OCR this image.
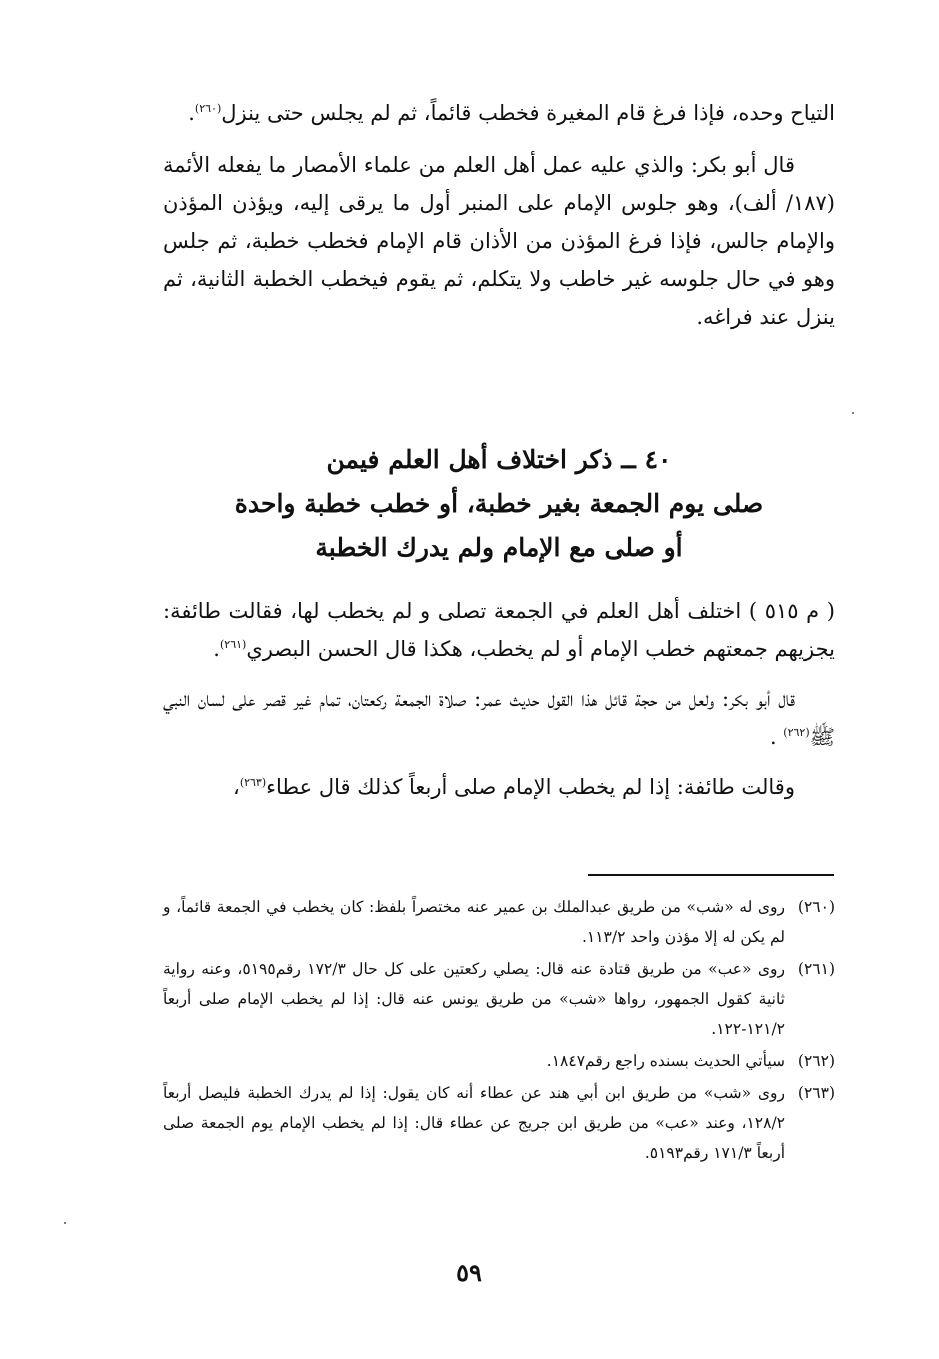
التياح وحده، فإذا فرغ قام المغيرة فخطب قائماً، ثم لم يجلس حتى ينزل$^{(٢٦٠)}$.

قال أبو بكر: والذي عليه عمل أهل العلم من علماء الأمصار ما يفعله الأئمة (١٨٧/ ألف)، وهو جلوس الإمام على المنبر أول ما يرقى إليه، ويؤذن المؤذن والإمام جالس، فإذا فرغ المؤذن من الأذان قام الإمام فخطب خطبة، ثم جلس وهو في حال جلوسه غير خاطب ولا يتكلم، ثم يقوم فيخطب الخطبة الثانية، ثم ينزل عند فراغه.

٤٠ ــ ذكر اختلاف أهل العلم فيمن
صلى يوم الجمعة بغير خطبة، أو خطب خطبة واحدة
أو صلى مع الإمام ولم يدرك الخطبة

( م ٥١٥ ) اختلف أهل العلم في الجمعة تصلى و لم يخطب لها، فقالت طائفة: يجزيهم جمعتهم خطب الإمام أو لم يخطب، هكذا قال الحسن البصري$^{(٢٦١)}$.

قال أبو بكر: ولعل من حجة قائل هذا القول حديث عمر: صلاة الجمعة ركعتان، تمام غير قصر على لسان النبي ﷺ$^{(٢٦٢)}$ .

وقالت طائفة: إذا لم يخطب الإمام صلى أربعاً كذلك قال عطاء$^{(٢٦٣)}$،

(٢٦٠)
روى له «شب» من طريق عبدالملك بن عمير عنه مختصراً بلفظ: كان يخطب في الجمعة قائماً، و لم يكن له إلا مؤذن واحد ١١٣/٢.
(٢٦١)
روى «عب» من طريق قتادة عنه قال: يصلي ركعتين على كل حال ١٧٢/٣ رقم٥١٩٥، وعنه رواية ثانية كقول الجمهور، رواها «شب» من طريق يونس عنه قال: إذا لم يخطب الإمام صلى أربعاً ١٢١/٢-١٢٢.
(٢٦٢)
سيأتي الحديث بسنده راجع رقم١٨٤٧.
(٢٦٣)
روى «شب» من طريق ابن أبي هند عن عطاء أنه كان يقول: إذا لم يدرك الخطبة فليصل أربعاً ١٢٨/٢، وعند «عب» من طريق ابن جريج عن عطاء قال: إذا لم يخطب الإمام يوم الجمعة صلى أربعاً ١٧١/٣ رقم٥١٩٣.
٥٩
